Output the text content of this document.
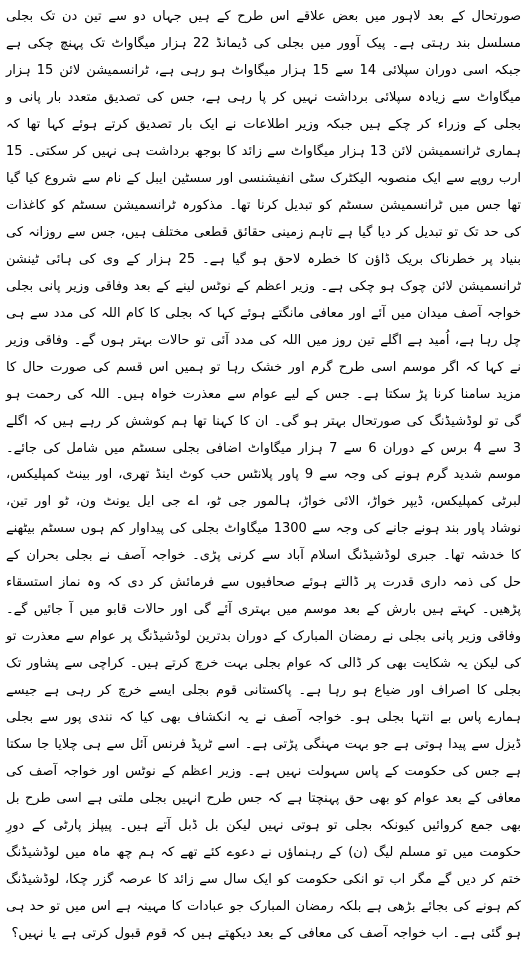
صورتحال کے بعد لاہور میں بعض علاقے اس طرح کے ہیں جہاں دو سے تین دن تک بجلی مسلسل بند رہتی ہے۔ پیک آوور میں بجلی کی ڈیمانڈ 22 ہزار میگاواٹ تک پہنچ چکی ہے جبکہ اسی دوران سپلائی 14 سے 15 ہزار میگاواٹ ہو رہی ہے، ٹرانسمیشن لائن 15 ہزار میگاواٹ سے زیادہ سپلائی برداشت نہیں کر پا رہی ہے، جس کی تصدیق متعدد بار پانی و بجلی کے وزراء کر چکے ہیں جبکہ وزیر اطلاعات نے ایک بار تصدیق کرتے ہوئے کہا تھا کہ ہماری ٹرانسمیشن لائن 13 ہزار میگاواٹ سے زائد کا بوجھ برداشت ہی نہیں کر سکتی۔ 15 ارب روپے سے ایک منصوبہ الیکٹرک سٹی انفیشنسی اور سسٹین ایبل کے نام سے شروع کیا گیا تھا جس میں ٹرانسمیشن سسٹم کو تبدیل کرنا تھا۔ مذکورہ ٹرانسمیشن سسٹم کو کاغذات کی حد تک تو تبدیل کر دیا گیا ہے تاہم زمینی حقائق قطعی مختلف ہیں، جس سے روزانہ کی بنیاد پر خطرناک بریک ڈاؤن کا خطرہ لاحق ہو گیا ہے۔ 25 ہزار کے وی کی ہائی ٹینشن ٹرانسمیشن لائن چوک ہو چکی ہے۔ وزیر اعظم کے نوٹس لینے کے بعد وفاقی وزیر پانی بجلی خواجہ آصف میدان میں آئے اور معافی مانگتے ہوئے کہا کہ بجلی کا کام اللہ کی مدد سے ہی چل رہا ہے، اُمید ہے اگلے تین روز میں اللہ کی مدد آئی تو حالات بہتر ہوں گے۔ وفاقی وزیر نے کہا کہ اگر موسم اسی طرح گرم اور خشک رہا تو ہمیں اس قسم کی صورت حال کا مزید سامنا کرنا پڑ سکتا ہے۔ جس کے لیے عوام سے معذرت خواہ ہیں۔ اللہ کی رحمت ہو گی تو لوڈشیڈنگ کی صورتحال بہتر ہو گی۔ ان کا کہنا تھا ہم کوشش کر رہے ہیں کہ اگلے 3 سے 4 برس کے دوران 6 سے 7 ہزار میگاواٹ اضافی بجلی سسٹم میں شامل کی جائے۔ موسم شدید گرم ہونے کی وجہ سے 9 پاور پلانٹس حب کوٹ اینڈ تھری، اور بینٹ کمپلیکس، لبرٹی کمپلیکس، ڈیپر خواڑ، الائی خواڑ، ہالمور جی ٹو، اے جی ایل یونٹ ون، ٹو اور تین، نوشاد پاور بند ہونے جانے کی وجہ سے 1300 میگاواٹ بجلی کی پیداوار کم ہوں سسٹم بیٹھنے کا خدشہ تھا۔ جبری لوڈشیڈنگ اسلام آباد سے کرنی پڑی۔ خواجہ آصف نے بجلی بحران کے حل کی ذمہ داری قدرت پر ڈالتے ہوئے صحافیوں سے فرمائش کر دی کہ وہ نماز استسقاء پڑھیں۔ کہتے ہیں بارش کے بعد موسم میں بہتری آئے گی اور حالات قابو میں آ جائیں گے۔ وفاقی وزیر پانی بجلی نے رمضان المبارک کے دوران بدترین لوڈشیڈنگ پر عوام سے معذرت تو کی لیکن یہ شکایت بھی کر ڈالی کہ عوام بجلی بہت خرچ کرتے ہیں۔ کراچی سے پشاور تک بجلی کا اصراف اور ضیاع ہو رہا ہے۔ پاکستانی قوم بجلی ایسے خرچ کر رہی ہے جیسے ہمارے پاس بے انتہا بجلی ہو۔ خواجہ آصف نے یہ انکشاف بھی کیا کہ نندی پور سے بجلی ڈیزل سے پیدا ہوتی ہے جو بہت مہنگی پڑتی ہے۔ اسے ٹرپڈ فرنس آئل سے ہی چلایا جا سکتا ہے جس کی حکومت کے پاس سہولت نہیں ہے۔ وزیر اعظم کے نوٹس اور خواجہ آصف کی معافی کے بعد عوام کو بھی حق پہنچتا ہے کہ جس طرح انہیں بجلی ملتی ہے اسی طرح بل بھی جمع کروائیں کیونکہ بجلی تو ہوتی نہیں لیکن بل ڈبل آتے ہیں۔ پیپلز پارٹی کے دورِ حکومت میں تو مسلم لیگ (ن) کے رہنماؤں نے دعوے کئے تھے کہ ہم چھ ماہ میں لوڈشیڈنگ ختم کر دیں گے مگر اب تو انکی حکومت کو ایک سال سے زائد کا عرصہ گزر چکا، لوڈشیڈنگ کم ہونے کی بجائے بڑھی ہے بلکہ رمضان المبارک جو عبادات کا مہینہ ہے اس میں تو حد ہی ہو گئی ہے۔ اب خواجہ آصف کی معافی کے بعد دیکھتے ہیں کہ قوم قبول کرتی ہے یا نہیں؟
